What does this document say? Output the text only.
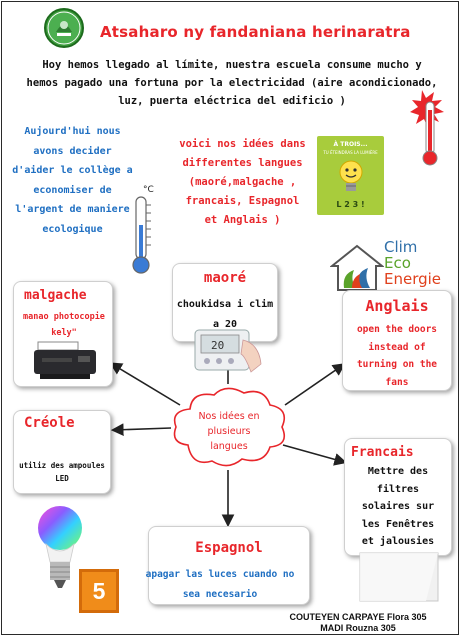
Atsaharo ny fandaniana herinaratra
Hoy hemos llegado al límite, nuestra escuela consume mucho y
hemos pagado una fortuna por la electricidad (aire acondicionado,
luz, puerta eléctrica del edificio )
Aujourd'hui nous
avons decider
d'aider le collège a
economiser de
l'argent de maniere
ecologique
°C
voici nos idées dans
differentes langues
(maoré,malgache ,
francais, Espagnol
et Anglais )
À TROIS...
TU ÉTEINDRAS LA LUMIÈRE
L 2 3 !
Clim
Eco
Energie
Nos idées en
plusieurs
langues
maoré
choukidsa i clim
a 20
20
malgache
manao photocopie
kely"
Anglais
open the doors
instead of
turning on the
fans
Créole
utiliz des ampoules
LED
Francais
Mettre des
filtres
solaires sur
les Fenêtres
et jalousies
Espagnol
apagar las luces cuando no
sea necesario
5
COUTEYEN CARPAYE Flora 305
MADI Rouzna 305
